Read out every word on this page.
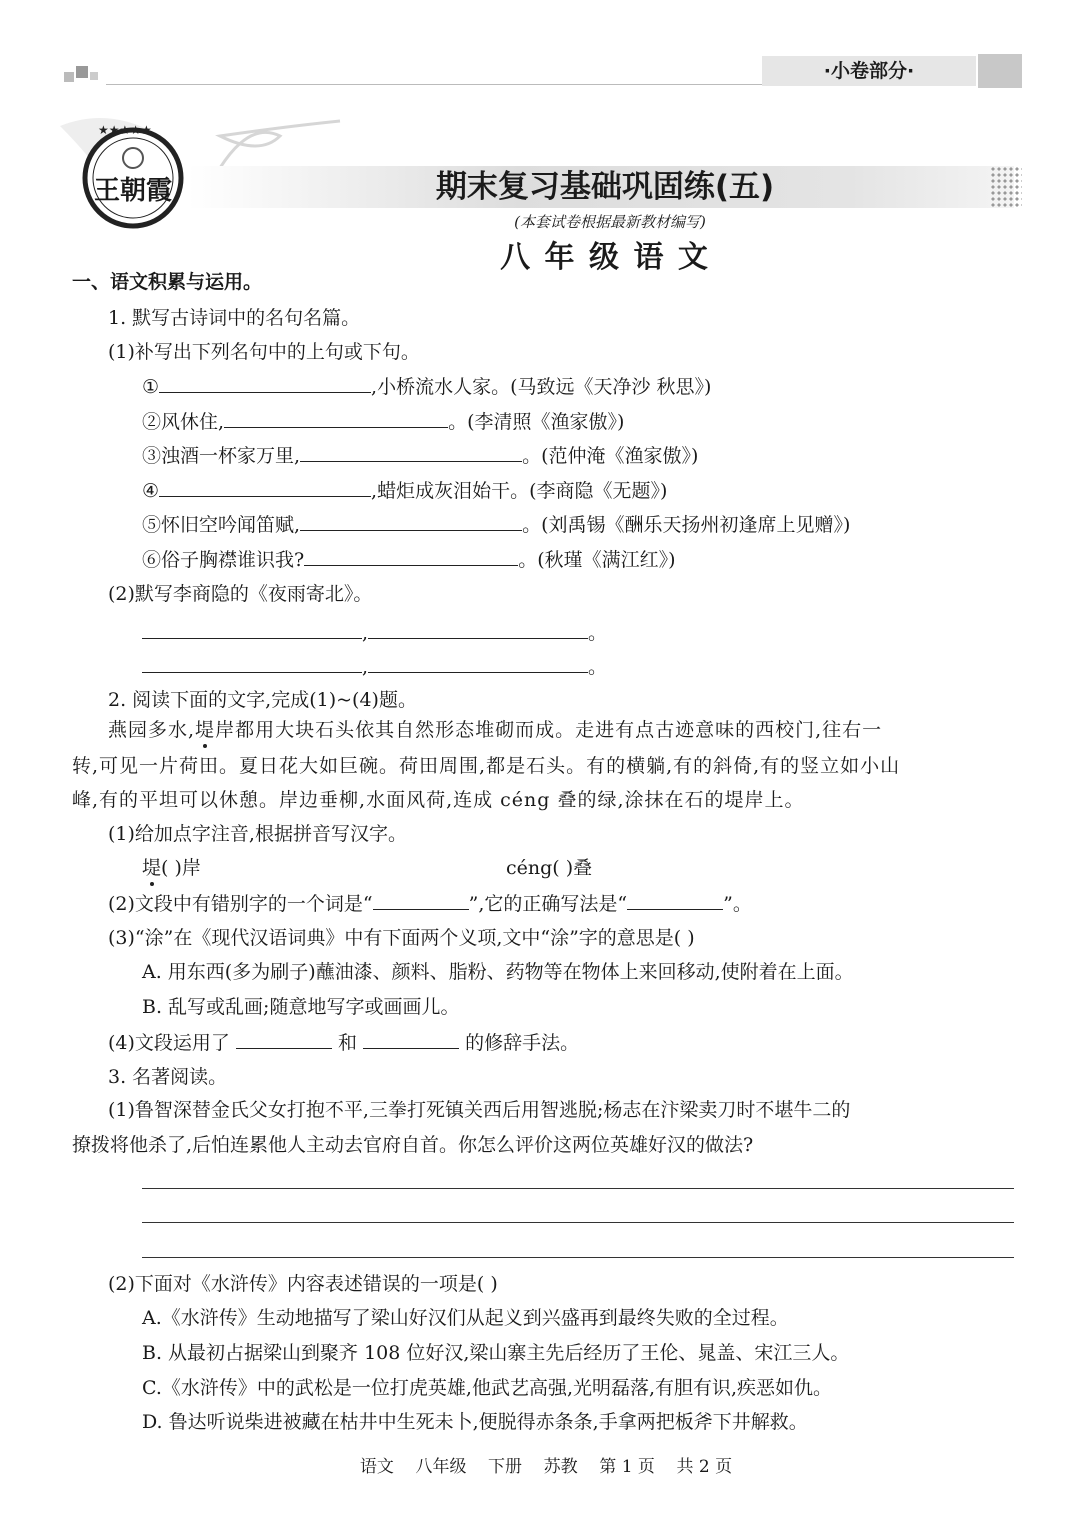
·小卷部分·
★★★★★
王朝霞	期末复习基础巩固练(五)
(本套试卷根据最新教材编写)
八 年 级 语 文
一、语文积累与运用。
1. 默写古诗词中的名句名篇。
(1)补写出下列名句中的上句或下句。
①	,小桥流水人家。(马致远《天净沙 秋思》)
②风休住,	。(李清照《渔家傲》)
③浊酒一杯家万里,	。(范仲淹《渔家傲》)
④	,蜡炬成灰泪始干。(李商隐《无题》)
⑤怀旧空吟闻笛赋,	。(刘禹锡《酬乐天扬州初逢席上见赠》)
⑥俗子胸襟谁识我?	。(秋瑾《满江红》)
(2)默写李商隐的《夜雨寄北》。
,	。
,	。
2. 阅读下面的文字,完成(1)~(4)题。
燕园多水,堤岸都用大块石头依其自然形态堆砌而成。走进有点古迹意味的西校门,往右一
转,可见一片荷田。夏日花大如巨碗。荷田周围,都是石头。有的横躺,有的斜倚,有的竖立如小山
峰,有的平坦可以休憩。岸边垂柳,水面风荷,连成 céng 叠的绿,涂抹在石的堤岸上。
(1)给加点字注音,根据拼音写汉字。
堤( )岸	céng( )叠
(2)文段中有错别字的一个词是“	”,它的正确写法是“	”。
(3)“涂”在《现代汉语词典》中有下面两个义项,文中“涂”字的意思是( )
A. 用东西(多为刷子)蘸油漆、颜料、脂粉、药物等在物体上来回移动,使附着在上面。
B. 乱写或乱画;随意地写字或画画儿。
(4)文段运用了	和	的修辞手法。
3. 名著阅读。
(1)鲁智深替金氏父女打抱不平,三拳打死镇关西后用智逃脱;杨志在汴梁卖刀时不堪牛二的
撩拨将他杀了,后怕连累他人主动去官府自首。你怎么评价这两位英雄好汉的做法?
(2)下面对《水浒传》内容表述错误的一项是( )
A.《水浒传》生动地描写了梁山好汉们从起义到兴盛再到最终失败的全过程。
B. 从最初占据梁山到聚齐 108 位好汉,梁山寨主先后经历了王伦、晁盖、宋江三人。
C.《水浒传》中的武松是一位打虎英雄,他武艺高强,光明磊落,有胆有识,疾恶如仇。
D. 鲁达听说柴进被藏在枯井中生死未卜,便脱得赤条条,手拿两把板斧下井解救。
语文    八年级    下册    苏教    第 1 页    共 2 页
